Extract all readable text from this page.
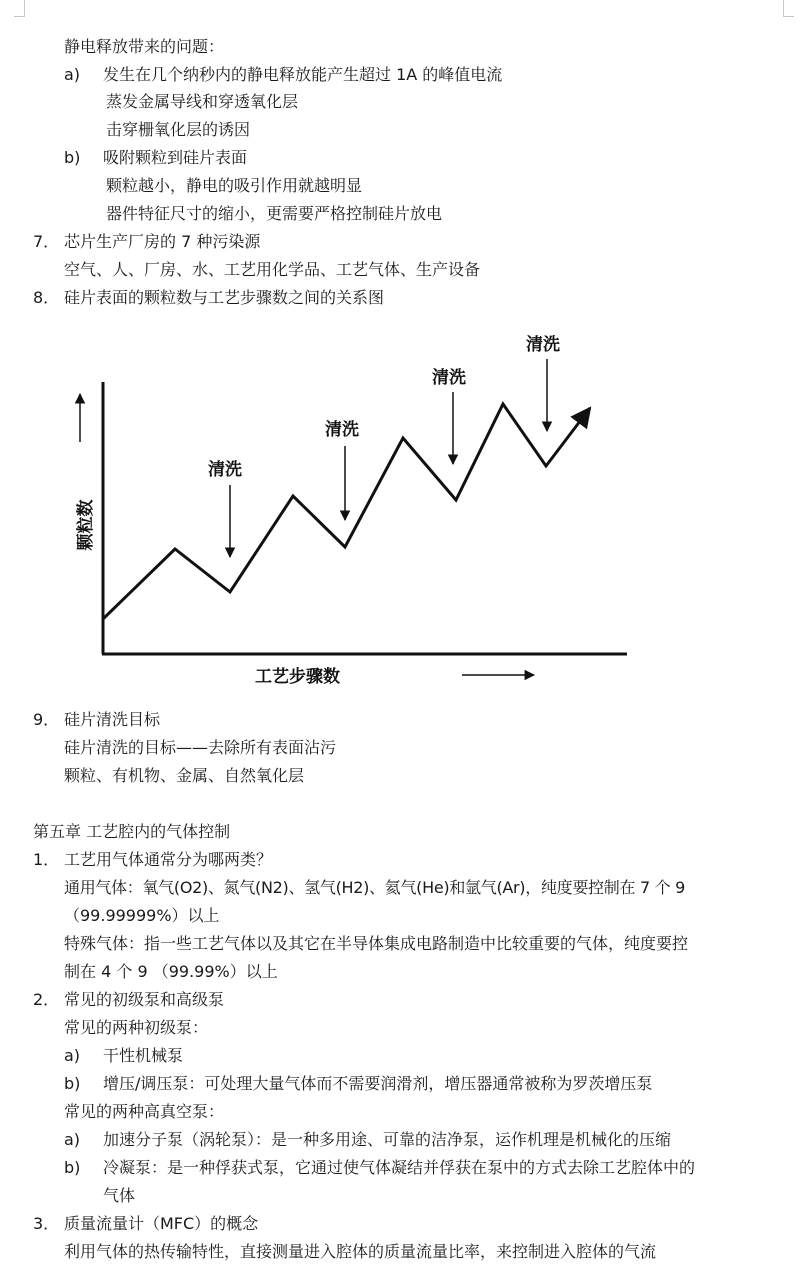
静电释放带来的问题：
a) 发生在几个纳秒内的静电释放能产生超过 1A 的峰值电流
蒸发金属导线和穿透氧化层
击穿栅氧化层的诱因
b) 吸附颗粒到硅片表面
颗粒越小，静电的吸引作用就越明显
器件特征尺寸的缩小，更需要严格控制硅片放电
7． 芯片生产厂房的 7 种污染源
空气、人、厂房、水、工艺用化学品、工艺气体、生产设备
8． 硅片表面的颗粒数与工艺步骤数之间的关系图
清洗
清洗
清洗
清洗
颗粒数
工艺步骤数
9． 硅片清洗目标
硅片清洗的目标——去除所有表面沾污
颗粒、有机物、金属、自然氧化层
第五章 工艺腔内的气体控制
1． 工艺用气体通常分为哪两类？
通用气体：氧气(O2)、氮气(N2)、氢气(H2)、氦气(He)和氩气(Ar)，纯度要控制在 7 个 9
（99.99999%）以上
特殊气体：指一些工艺气体以及其它在半导体集成电路制造中比较重要的气体，纯度要控
制在 4 个 9 （99.99%）以上
2． 常见的初级泵和高级泵
常见的两种初级泵：
a) 干性机械泵
b) 增压/调压泵：可处理大量气体而不需要润滑剂，增压器通常被称为罗茨增压泵
常见的两种高真空泵：
a) 加速分子泵（涡轮泵）：是一种多用途、可靠的洁净泵，运作机理是机械化的压缩
b) 冷凝泵：是一种俘获式泵，它通过使气体凝结并俘获在泵中的方式去除工艺腔体中的
气体
3． 质量流量计（MFC）的概念
利用气体的热传输特性，直接测量进入腔体的质量流量比率，来控制进入腔体的气流
